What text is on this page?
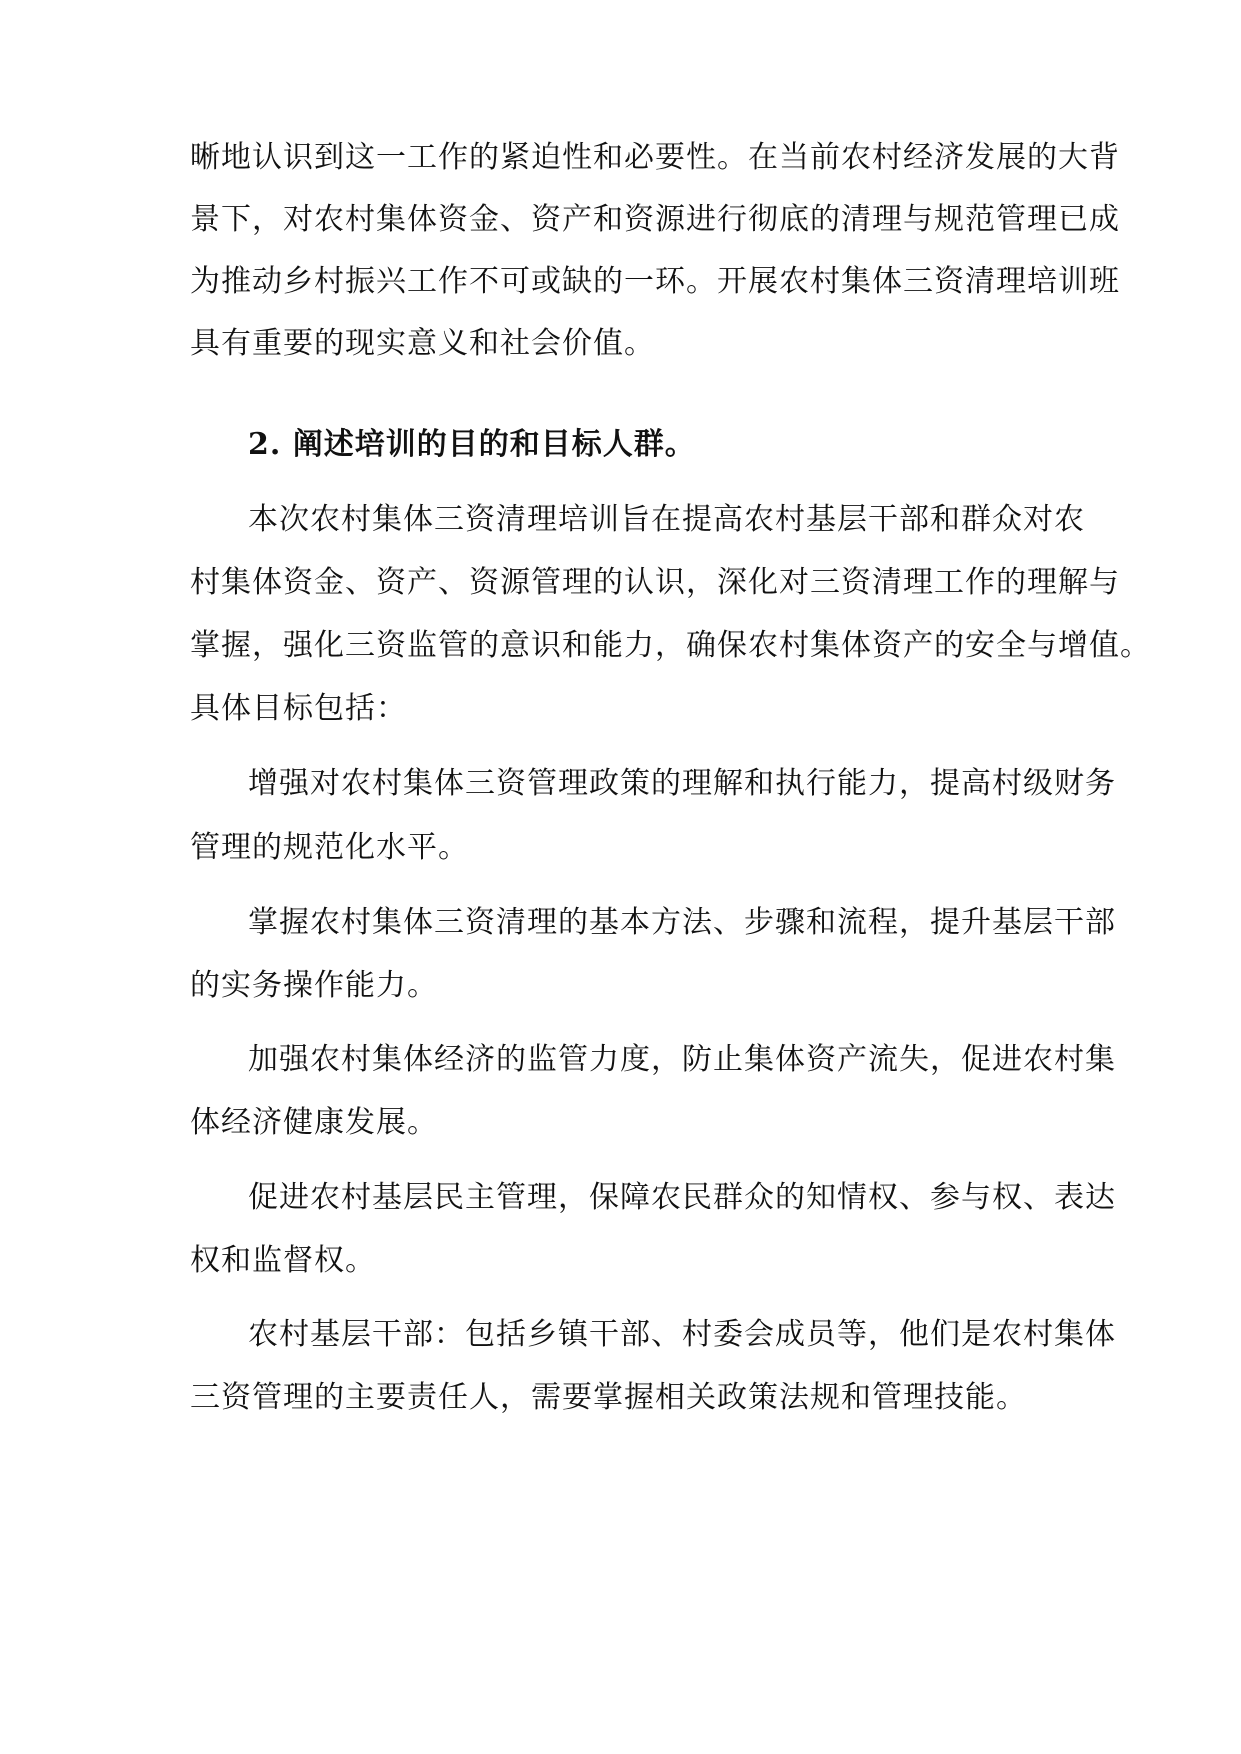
晰地认识到这一工作的紧迫性和必要性。在当前农村经济发展的大背
景下，对农村集体资金、资产和资源进行彻底的清理与规范管理已成
为推动乡村振兴工作不可或缺的一环。开展农村集体三资清理培训班
具有重要的现实意义和社会价值。
2. 阐述培训的目的和目标人群。
本次农村集体三资清理培训旨在提高农村基层干部和群众对农
村集体资金、资产、资源管理的认识，深化对三资清理工作的理解与
掌握，强化三资监管的意识和能力，确保农村集体资产的安全与增值。
具体目标包括：
增强对农村集体三资管理政策的理解和执行能力，提高村级财务
管理的规范化水平。
掌握农村集体三资清理的基本方法、步骤和流程，提升基层干部
的实务操作能力。
加强农村集体经济的监管力度，防止集体资产流失，促进农村集
体经济健康发展。
促进农村基层民主管理，保障农民群众的知情权、参与权、表达
权和监督权。
农村基层干部：包括乡镇干部、村委会成员等，他们是农村集体
三资管理的主要责任人，需要掌握相关政策法规和管理技能。
